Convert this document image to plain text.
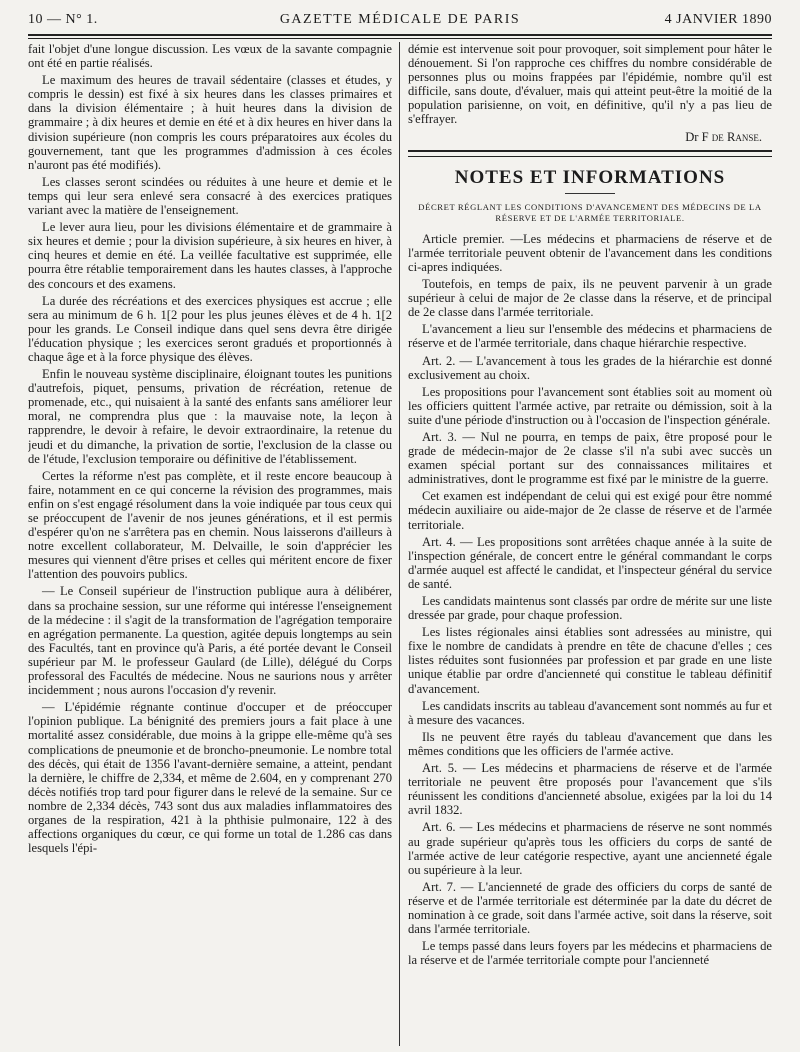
10 — N° 1.	GAZETTE MÉDICALE DE PARIS	4 JANVIER 1890

fait l'objet d'une longue discussion. Les vœux de la savante compagnie ont été en partie réalisés.

Le maximum des heures de travail sédentaire (classes et études, y compris le dessin) est fixé à six heures dans les classes primaires et dans la division élémentaire ; à huit heures dans la division de grammaire ; à dix heures et demie en été et à dix heures en hiver dans la division supérieure (non compris les cours préparatoires aux écoles du gouvernement, tant que les programmes d'admission à ces écoles n'auront pas été modifiés).

Les classes seront scindées ou réduites à une heure et demie et le temps qui leur sera enlevé sera consacré à des exercices pratiques variant avec la matière de l'enseignement.

Le lever aura lieu, pour les divisions élémentaire et de grammaire à six heures et demie ; pour la division supérieure, à six heures en hiver, à cinq heures et demie en été. La veillée facultative est supprimée, elle pourra être rétablie temporairement dans les hautes classes, à l'approche des concours et des examens.

La durée des récréations et des exercices physiques est accrue ; elle sera au minimum de 6 h. 1[2 pour les plus jeunes élèves et de 4 h. 1[2 pour les grands. Le Conseil indique dans quel sens devra être dirigée l'éducation physique ; les exercices seront gradués et proportionnés à chaque âge et à la force physique des élèves.

Enfin le nouveau système disciplinaire, éloignant toutes les punitions d'autrefois, piquet, pensums, privation de récréation, retenue de promenade, etc., qui nuisaient à la santé des enfants sans améliorer leur moral, ne comprendra plus que : la mauvaise note, la leçon à rapprendre, le devoir à refaire, le devoir extraordinaire, la retenue du jeudi et du dimanche, la privation de sortie, l'exclusion de la classe ou de l'étude, l'exclusion temporaire ou définitive de l'établissement.

Certes la réforme n'est pas complète, et il reste encore beaucoup à faire, notamment en ce qui concerne la révision des programmes, mais enfin on s'est engagé résolument dans la voie indiquée par tous ceux qui se préoccupent de l'avenir de nos jeunes générations, et il est permis d'espérer qu'on ne s'arrêtera pas en chemin. Nous laisserons d'ailleurs à notre excellent collaborateur, M. Delvaille, le soin d'apprécier les mesures qui viennent d'être prises et celles qui méritent encore de fixer l'attention des pouvoirs publics.

— Le Conseil supérieur de l'instruction publique aura à délibérer, dans sa prochaine session, sur une réforme qui intéresse l'enseignement de la médecine : il s'agit de la transformation de l'agrégation temporaire en agrégation permanente. La question, agitée depuis longtemps au sein des Facultés, tant en province qu'à Paris, a été portée devant le Conseil supérieur par M. le professeur Gaulard (de Lille), délégué du Corps professoral des Facultés de médecine. Nous ne saurions nous y arrêter incidemment ; nous aurons l'occasion d'y revenir.

— L'épidémie régnante continue d'occuper et de préoccuper l'opinion publique. La bénignité des premiers jours a fait place à une mortalité assez considérable, due moins à la grippe elle-même qu'à ses complications de pneumonie et de broncho-pneumonie. Le nombre total des décès, qui était de 1356 l'avant-dernière semaine, a atteint, pendant la dernière, le chiffre de 2,334, et même de 2.604, en y comprenant 270 décès notifiés trop tard pour figurer dans le relevé de la semaine. Sur ce nombre de 2,334 décès, 743 sont dus aux maladies inflammatoires des organes de la respiration, 421 à la phthisie pulmonaire, 122 à des affections organiques du cœur, ce qui forme un total de 1.286 cas dans lesquels l'épi-

démie est intervenue soit pour provoquer, soit simplement pour hâter le dénouement. Si l'on rapproche ces chiffres du nombre considérable de personnes plus ou moins frappées par l'épidémie, nombre qu'il est difficile, sans doute, d'évaluer, mais qui atteint peut-être la moitié de la population parisienne, on voit, en définitive, qu'il n'y a pas lieu de s'effrayer.

Dr F de Ranse.
NOTES ET INFORMATIONS
DÉCRET RÉGLANT LES CONDITIONS D'AVANCEMENT DES MÉDECINS DE LA RÉSERVE ET DE L'ARMÉE TERRITORIALE.

Article premier. —Les médecins et pharmaciens de réserve et de l'armée territoriale peuvent obtenir de l'avancement dans les conditions ci-apres indiquées.

Toutefois, en temps de paix, ils ne peuvent parvenir à un grade supérieur à celui de major de 2e classe dans la réserve, et de principal de 2e classe dans l'armée territoriale.

L'avancement a lieu sur l'ensemble des médecins et pharmaciens de réserve et de l'armée territoriale, dans chaque hiérarchie respective.

Art. 2. — L'avancement à tous les grades de la hiérarchie est donné exclusivement au choix.

Les propositions pour l'avancement sont établies soit au moment où les officiers quittent l'armée active, par retraite ou démission, soit à la suite d'une période d'instruction ou à l'occasion de l'inspection générale.

Art. 3. — Nul ne pourra, en temps de paix, être proposé pour le grade de médecin-major de 2e classe s'il n'a subi avec succès un examen spécial portant sur des connaissances militaires et administratives, dont le programme est fixé par le ministre de la guerre.

Cet examen est indépendant de celui qui est exigé pour être nommé médecin auxiliaire ou aide-major de 2e classe de réserve et de l'armée territoriale.

Art. 4. — Les propositions sont arrêtées chaque année à la suite de l'inspection générale, de concert entre le général commandant le corps d'armée auquel est affecté le candidat, et l'inspecteur général du service de santé.

Les candidats maintenus sont classés par ordre de mérite sur une liste dressée par grade, pour chaque profession.

Les listes régionales ainsi établies sont adressées au ministre, qui fixe le nombre de candidats à prendre en tête de chacune d'elles ; ces listes réduites sont fusionnées par profession et par grade en une liste unique établie par ordre d'ancienneté qui constitue le tableau définitif d'avancement.

Les candidats inscrits au tableau d'avancement sont nommés au fur et à mesure des vacances.

Ils ne peuvent être rayés du tableau d'avancement que dans les mêmes conditions que les officiers de l'armée active.

Art. 5. — Les médecins et pharmaciens de réserve et de l'armée territoriale ne peuvent être proposés pour l'avancement que s'ils réunissent les conditions d'ancienneté absolue, exigées par la loi du 14 avril 1832.

Art. 6. — Les médecins et pharmaciens de réserve ne sont nommés au grade supérieur qu'après tous les officiers du corps de santé de l'armée active de leur catégorie respective, ayant une ancienneté égale ou supérieure à la leur.

Art. 7. — L'ancienneté de grade des officiers du corps de santé de réserve et de l'armée territoriale est déterminée par la date du décret de nomination à ce grade, soit dans l'armée active, soit dans la réserve, soit dans l'armée territoriale.

Le temps passé dans leurs foyers par les médecins et pharmaciens de la réserve et de l'armée territoriale compte pour l'ancienneté
